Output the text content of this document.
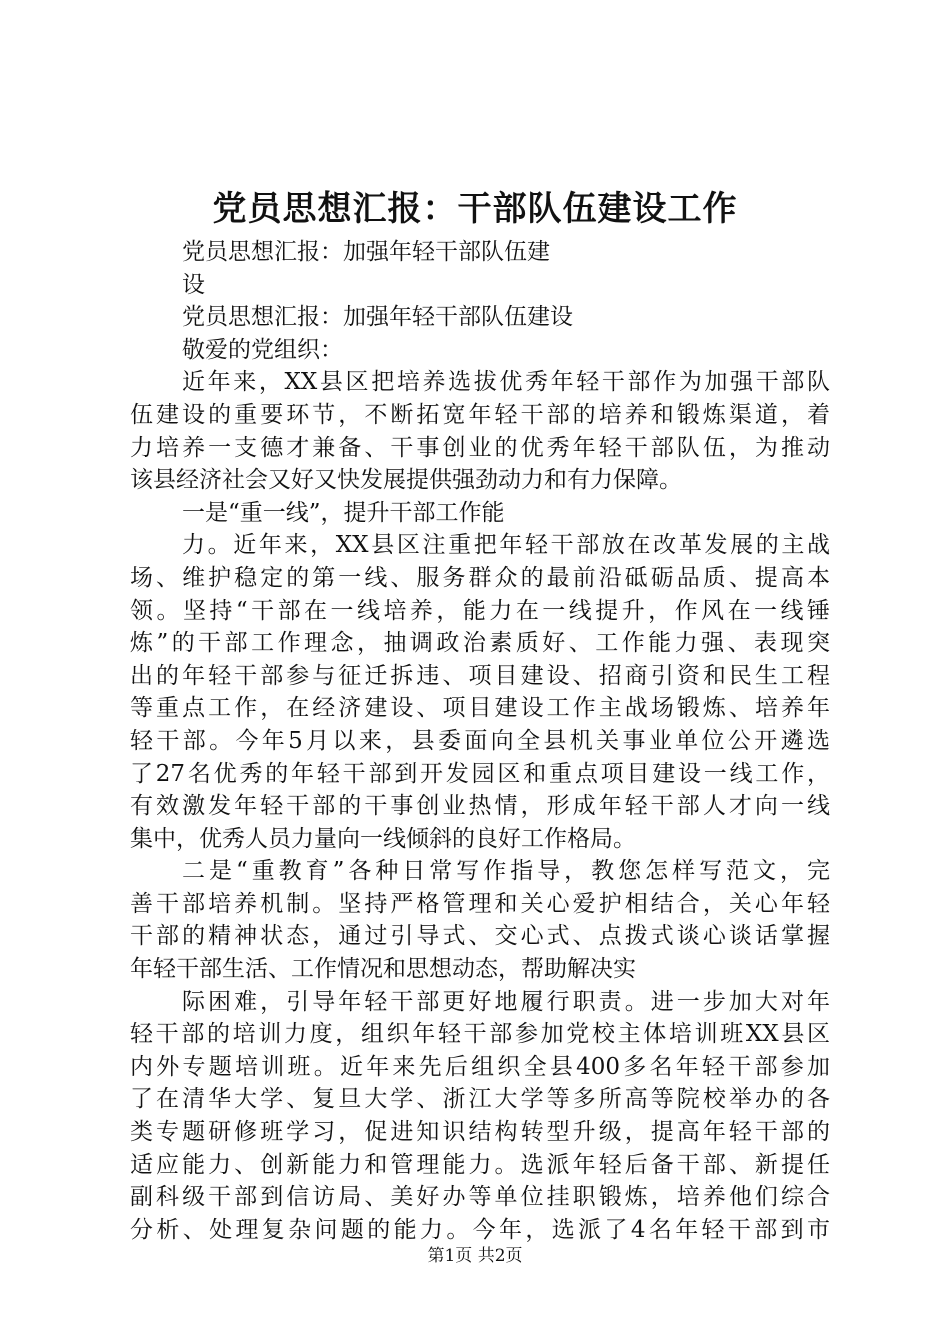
党员思想汇报：干部队伍建设工作
党员思想汇报：加强年轻干部队伍建
设
党员思想汇报：加强年轻干部队伍建设
敬爱的党组织：
近年来，XX县区把培养选拔优秀年轻干部作为加强干部队
伍建设的重要环节，不断拓宽年轻干部的培养和锻炼渠道，着
力培养一支德才兼备、干事创业的优秀年轻干部队伍，为推动
该县经济社会又好又快发展提供强劲动力和有力保障。
一是“重一线”，提升干部工作能
力。近年来，XX县区注重把年轻干部放在改革发展的主战
场、维护稳定的第一线、服务群众的最前沿砥砺品质、提高本
领。坚持“干部在一线培养，能力在一线提升，作风在一线锤
炼”的干部工作理念，抽调政治素质好、工作能力强、表现突
出的年轻干部参与征迁拆违、项目建设、招商引资和民生工程
等重点工作，在经济建设、项目建设工作主战场锻炼、培养年
轻干部。今年5月以来，县委面向全县机关事业单位公开遴选
了27名优秀的年轻干部到开发园区和重点项目建设一线工作，
有效激发年轻干部的干事创业热情，形成年轻干部人才向一线
集中，优秀人员力量向一线倾斜的良好工作格局。
二是“重教育”各种日常写作指导，教您怎样写范文，完
善干部培养机制。坚持严格管理和关心爱护相结合，关心年轻
干部的精神状态，通过引导式、交心式、点拨式谈心谈话掌握
年轻干部生活、工作情况和思想动态，帮助解决实
际困难，引导年轻干部更好地履行职责。进一步加大对年
轻干部的培训力度，组织年轻干部参加党校主体培训班XX县区
内外专题培训班。近年来先后组织全县400多名年轻干部参加
了在清华大学、复旦大学、浙江大学等多所高等院校举办的各
类专题研修班学习，促进知识结构转型升级，提高年轻干部的
适应能力、创新能力和管理能力。选派年轻后备干部、新提任
副科级干部到信访局、美好办等单位挂职锻炼，培养他们综合
分析、处理复杂问题的能力。今年，选派了4名年轻干部到市
第1页 共2页
